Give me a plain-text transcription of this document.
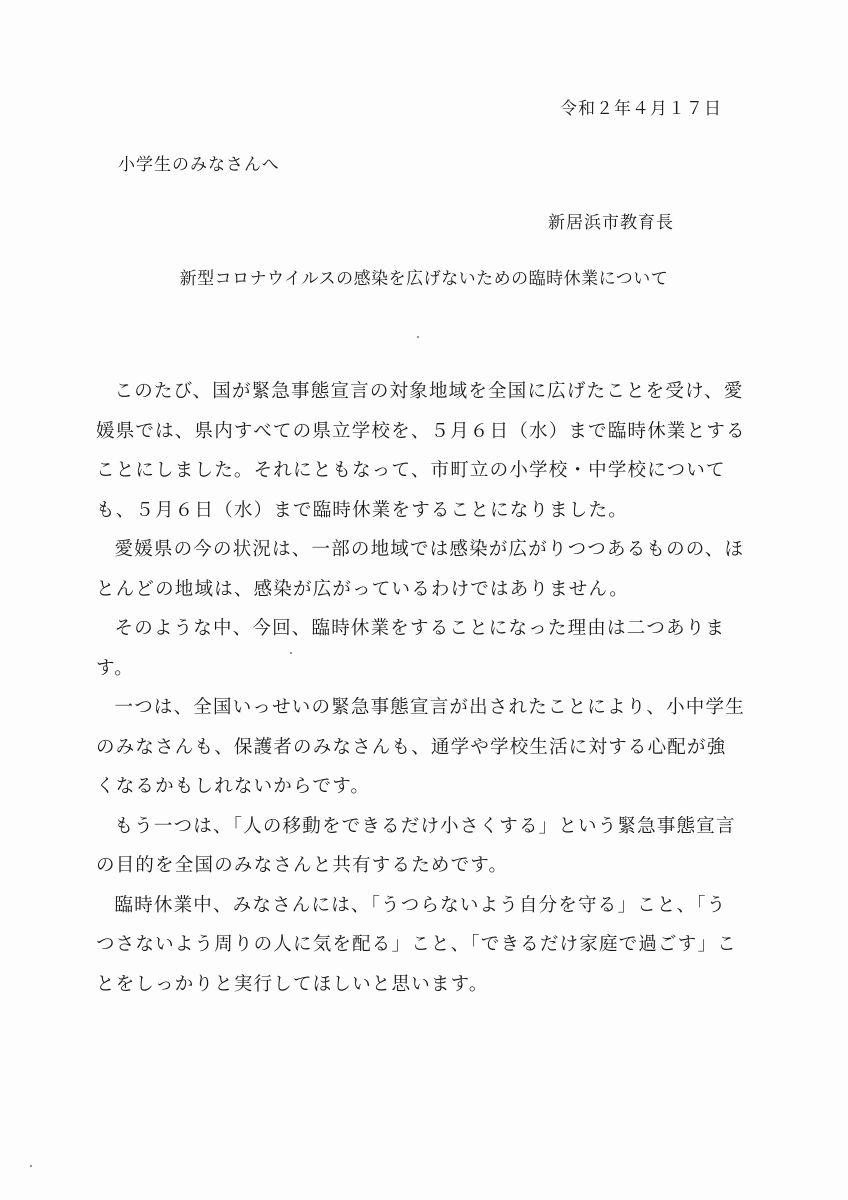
令和２年４月１７日
小学生のみなさんへ
新居浜市教育長
新型コロナウイルスの感染を広げないための臨時休業について

このたび、国が緊急事態宣言の対象地域を全国に広げたことを受け、愛媛県では、県内すべての県立学校を、５月６日（水）まで臨時休業とすることにしました。それにともなって、市町立の小学校・中学校についても、５月６日（水）まで臨時休業をすることになりました。

愛媛県の今の状況は、一部の地域では感染が広がりつつあるものの、ほとんどの地域は、感染が広がっているわけではありません。

そのような中、今回、臨時休業をすることになった理由は二つあります。

一つは、全国いっせいの緊急事態宣言が出されたことにより、小中学生のみなさんも、保護者のみなさんも、通学や学校生活に対する心配が強くなるかもしれないからです。

もう一つは、「人の移動をできるだけ小さくする」という緊急事態宣言の目的を全国のみなさんと共有するためです。

臨時休業中、みなさんには、「うつらないよう自分を守る」こと、「うつさないよう周りの人に気を配る」こと、「できるだけ家庭で過ごす」ことをしっかりと実行してほしいと思います。
